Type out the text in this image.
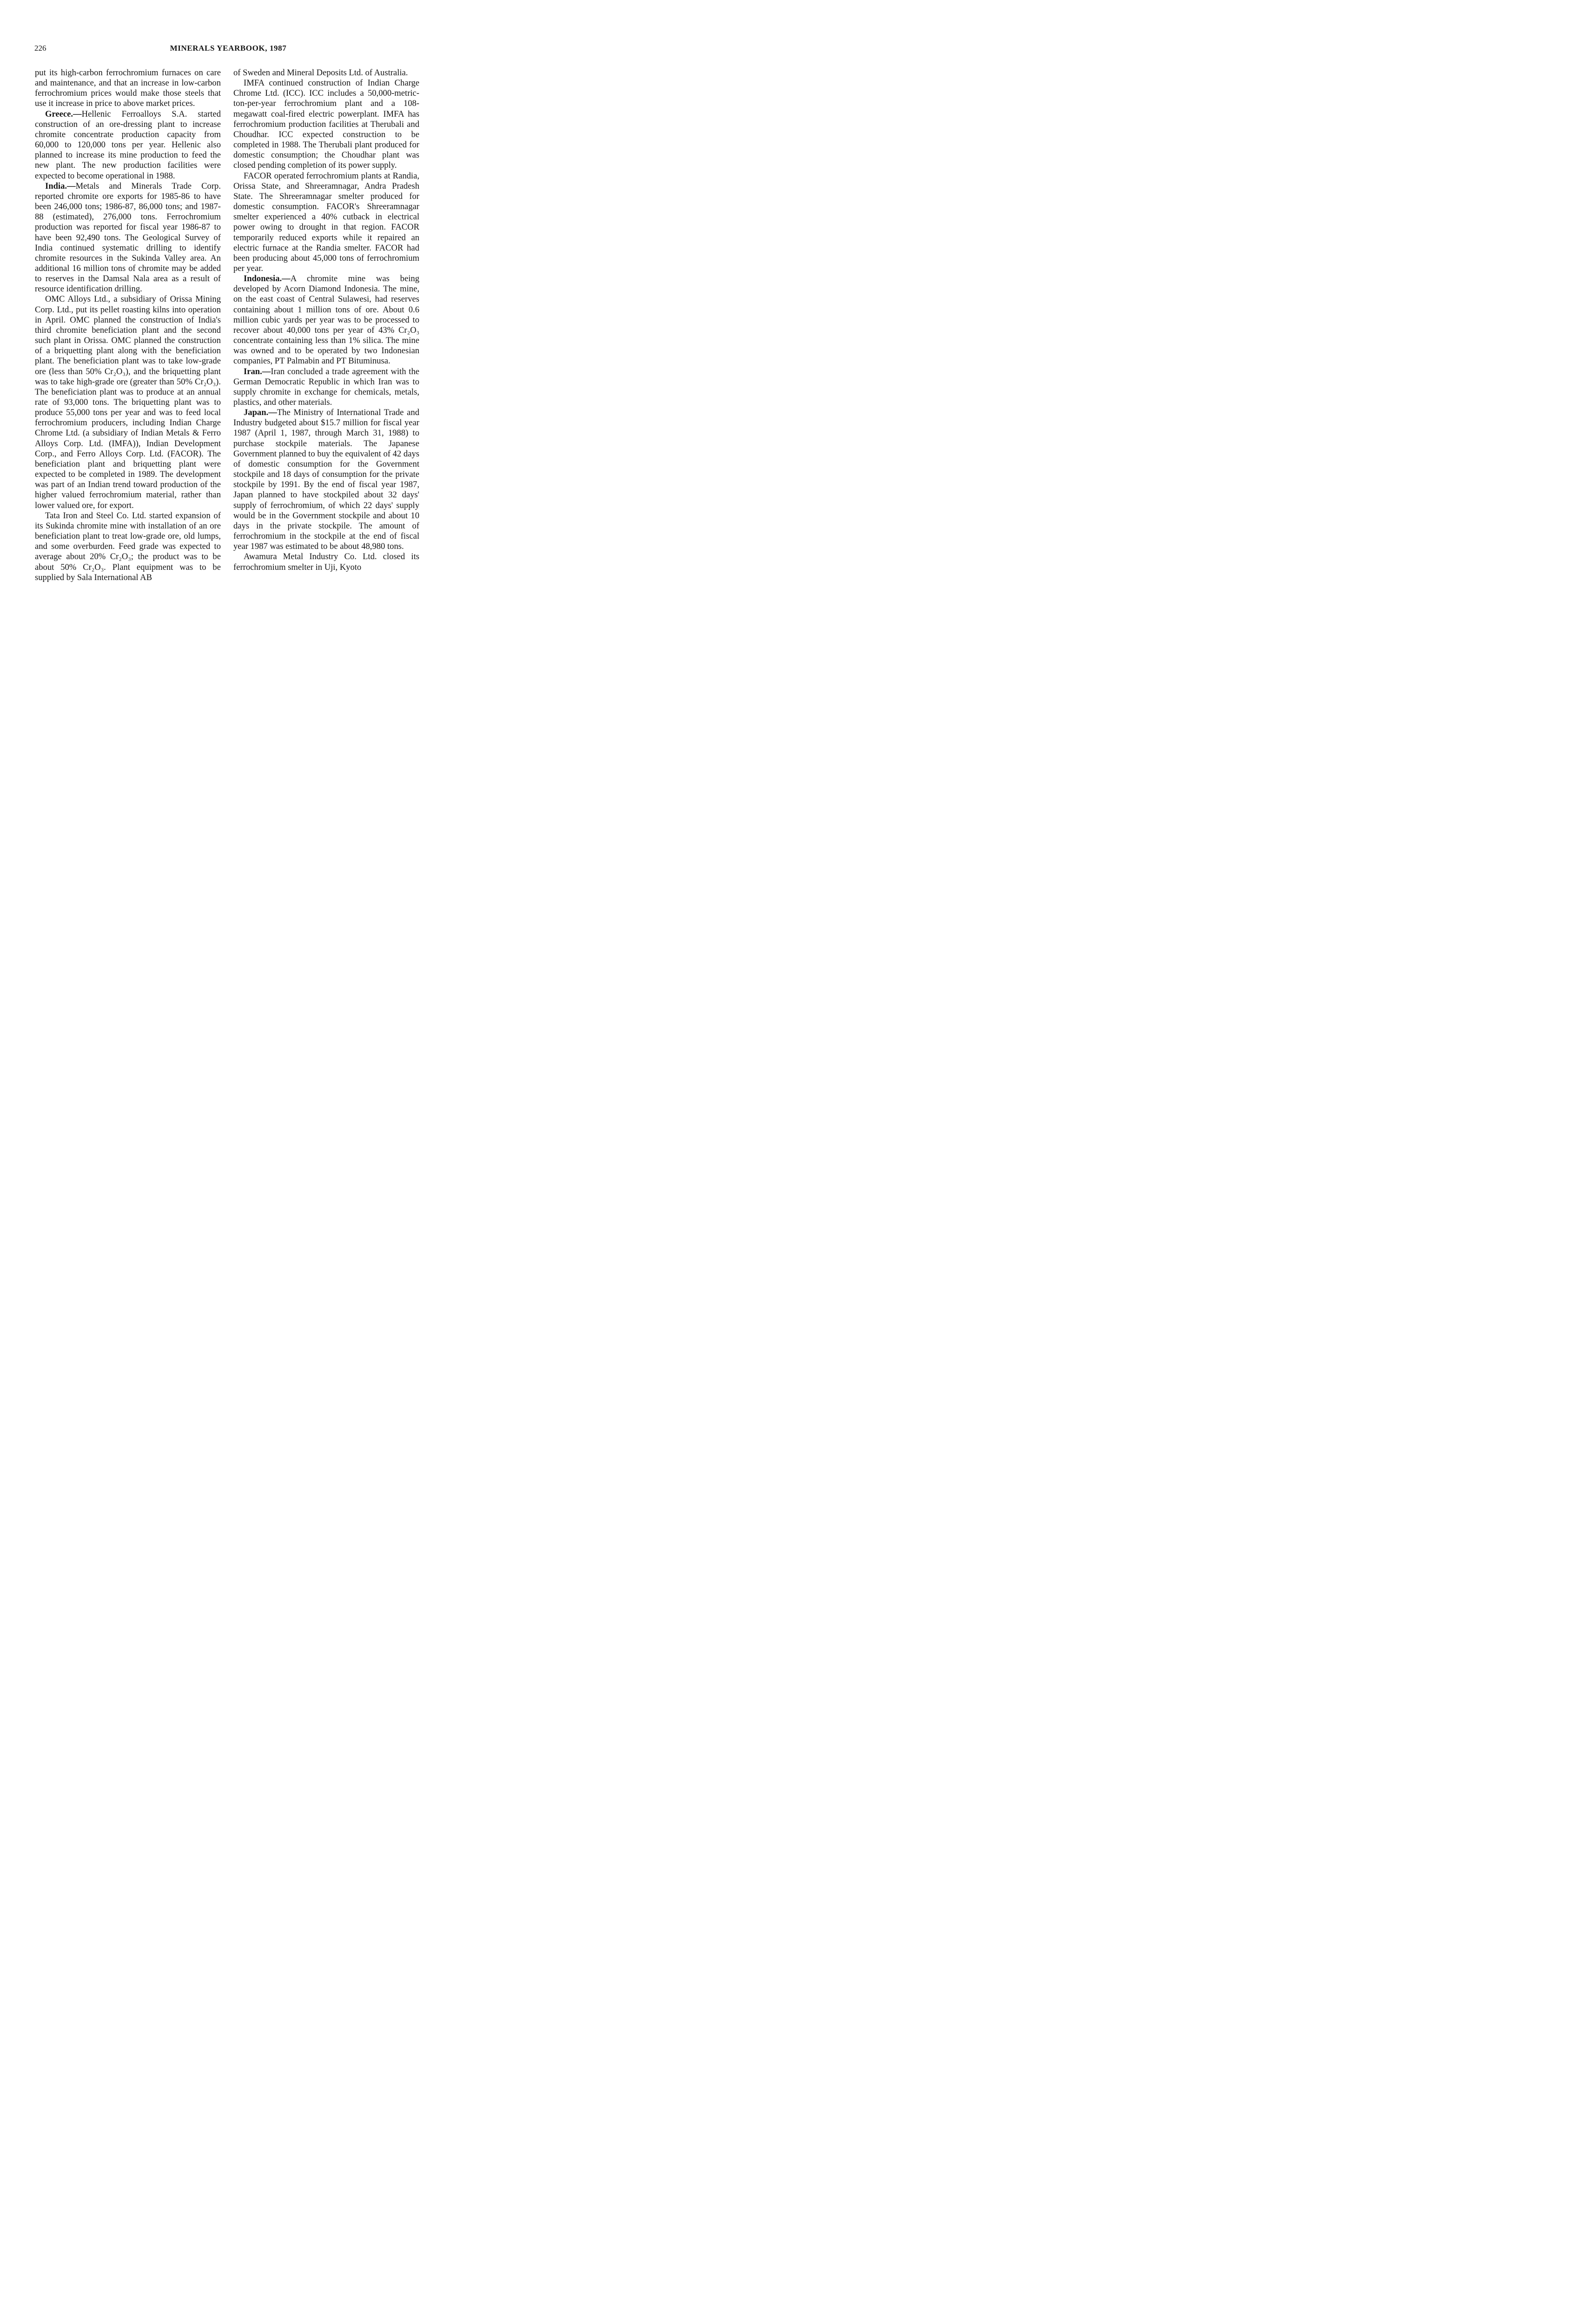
226	MINERALS YEARBOOK, 1987

put its high-carbon ferrochromium furnaces on care and maintenance, and that an increase in low-carbon ferrochromium prices would make those steels that use it increase in price to above market prices.

Greece.—Hellenic Ferroalloys S.A. started construction of an ore-dressing plant to increase chromite concentrate production capacity from 60,000 to 120,000 tons per year. Hellenic also planned to increase its mine production to feed the new plant. The new production facilities were expected to become operational in 1988.

India.—Metals and Minerals Trade Corp. reported chromite ore exports for 1985-86 to have been 246,000 tons; 1986-87, 86,000 tons; and 1987-88 (estimated), 276,000 tons. Ferrochromium production was reported for fiscal year 1986-87 to have been 92,490 tons. The Geological Survey of India continued systematic drilling to identify chromite resources in the Sukinda Valley area. An additional 16 million tons of chromite may be added to reserves in the Damsal Nala area as a result of resource identification drilling.

OMC Alloys Ltd., a subsidiary of Orissa Mining Corp. Ltd., put its pellet roasting kilns into operation in April. OMC planned the construction of India's third chromite beneficiation plant and the second such plant in Orissa. OMC planned the construction of a briquetting plant along with the beneficiation plant. The beneficiation plant was to take low-grade ore (less than 50% Cr₂O₃), and the briquetting plant was to take high-grade ore (greater than 50% Cr₂O₃). The beneficiation plant was to produce at an annual rate of 93,000 tons. The briquetting plant was to produce 55,000 tons per year and was to feed local ferrochromium producers, including Indian Charge Chrome Ltd. (a subsidiary of Indian Metals & Ferro Alloys Corp. Ltd. (IMFA)), Indian Development Corp., and Ferro Alloys Corp. Ltd. (FACOR). The beneficiation plant and briquetting plant were expected to be completed in 1989. The development was part of an Indian trend toward production of the higher valued ferrochromium material, rather than lower valued ore, for export.

Tata Iron and Steel Co. Ltd. started expansion of its Sukinda chromite mine with installation of an ore beneficiation plant to treat low-grade ore, old lumps, and some overburden. Feed grade was expected to average about 20% Cr₂O₃; the product was to be about 50% Cr₂O₃. Plant equipment was to be supplied by Sala International AB

of Sweden and Mineral Deposits Ltd. of Australia.

IMFA continued construction of Indian Charge Chrome Ltd. (ICC). ICC includes a 50,000-metric-ton-per-year ferrochromium plant and a 108-megawatt coal-fired electric powerplant. IMFA has ferrochromium production facilities at Therubali and Choudhar. ICC expected construction to be completed in 1988. The Therubali plant produced for domestic consumption; the Choudhar plant was closed pending completion of its power supply.

FACOR operated ferrochromium plants at Randia, Orissa State, and Shreeramnagar, Andra Pradesh State. The Shreeramnagar smelter produced for domestic consumption. FACOR's Shreeramnagar smelter experienced a 40% cutback in electrical power owing to drought in that region. FACOR temporarily reduced exports while it repaired an electric furnace at the Randia smelter. FACOR had been producing about 45,000 tons of ferrochromium per year.

Indonesia.—A chromite mine was being developed by Acorn Diamond Indonesia. The mine, on the east coast of Central Sulawesi, had reserves containing about 1 million tons of ore. About 0.6 million cubic yards per year was to be processed to recover about 40,000 tons per year of 43% Cr₂O₃ concentrate containing less than 1% silica. The mine was owned and to be operated by two Indonesian companies, PT Palmabin and PT Bituminusa.

Iran.—Iran concluded a trade agreement with the German Democratic Republic in which Iran was to supply chromite in exchange for chemicals, metals, plastics, and other materials.

Japan.—The Ministry of International Trade and Industry budgeted about $15.7 million for fiscal year 1987 (April 1, 1987, through March 31, 1988) to purchase stockpile materials. The Japanese Government planned to buy the equivalent of 42 days of domestic consumption for the Government stockpile and 18 days of consumption for the private stockpile by 1991. By the end of fiscal year 1987, Japan planned to have stockpiled about 32 days' supply of ferrochromium, of which 22 days' supply would be in the Government stockpile and about 10 days in the private stockpile. The amount of ferrochromium in the stockpile at the end of fiscal year 1987 was estimated to be about 48,980 tons.

Awamura Metal Industry Co. Ltd. closed its ferrochromium smelter in Uji, Kyoto
